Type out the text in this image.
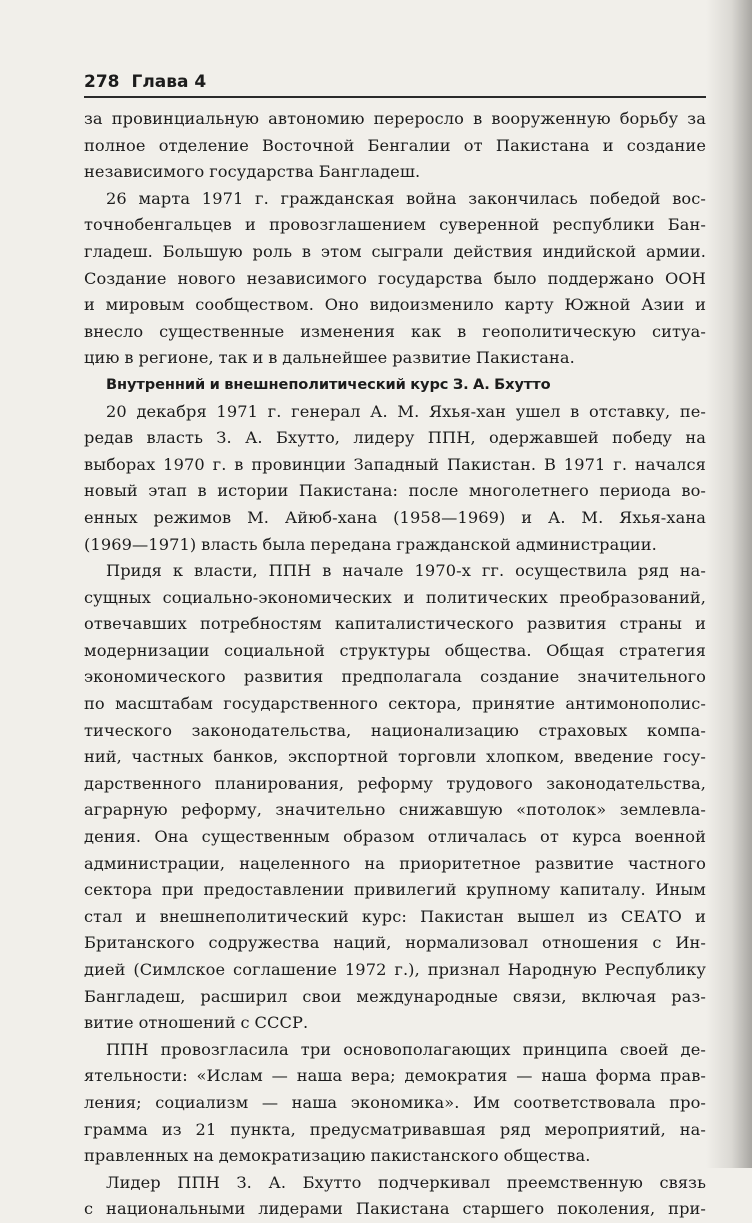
278 Глава 4

за провинциальную автономию переросло в вооруженную борьбу за

полное отделение Восточной Бенгалии от Пакистана и создание

независимого государства Бангладеш.

26 марта 1971 г. гражданская война закончилась победой вос-

точнобенгальцев и провозглашением суверенной республики Бан-

гладеш. Большую роль в этом сыграли действия индийской армии.

Создание нового независимого государства было поддержано ООН

и мировым сообществом. Оно видоизменило карту Южной Азии и

внесло существенные изменения как в геополитическую ситуа-

цию в регионе, так и в дальнейшее развитие Пакистана.

Внутренний и внешнеполитический курс З. А. Бхутто

20 декабря 1971 г. генерал А. М. Яхья-хан ушел в отставку, пе-

редав власть З. А. Бхутто, лидеру ППН, одержавшей победу на

выборах 1970 г. в провинции Западный Пакистан. В 1971 г. начался

новый этап в истории Пакистана: после многолетнего периода во-

енных режимов М. Айюб-хана (1958—1969) и А. М. Яхья-хана

(1969—1971) власть была передана гражданской администрации.

Придя к власти, ППН в начале 1970-х гг. осуществила ряд на-

сущных социально-экономических и политических преобразований,

отвечавших потребностям капиталистического развития страны и

модернизации социальной структуры общества. Общая стратегия

экономического развития предполагала создание значительного

по масштабам государственного сектора, принятие антимонополис-

тического законодательства, национализацию страховых компа-

ний, частных банков, экспортной торговли хлопком, введение госу-

дарственного планирования, реформу трудового законодательства,

аграрную реформу, значительно снижавшую «потолок» землевла-

дения. Она существенным образом отличалась от курса военной

администрации, нацеленного на приоритетное развитие частного

сектора при предоставлении привилегий крупному капиталу. Иным

стал и внешнеполитический курс: Пакистан вышел из СЕАТО и

Британского содружества наций, нормализовал отношения с Ин-

дией (Симлское соглашение 1972 г.), признал Народную Республику

Бангладеш, расширил свои международные связи, включая раз-

витие отношений с СССР.

ППН провозгласила три основополагающих принципа своей де-

ятельности: «Ислам — наша вера; демократия — наша форма прав-

ления; социализм — наша экономика». Им соответствовала про-

грамма из 21 пункта, предусматривавшая ряд мероприятий, на-

правленных на демократизацию пакистанского общества.

Лидер ППН З. А. Бхутто подчеркивал преемственную связь

с национальными лидерами Пакистана старшего поколения, при-
